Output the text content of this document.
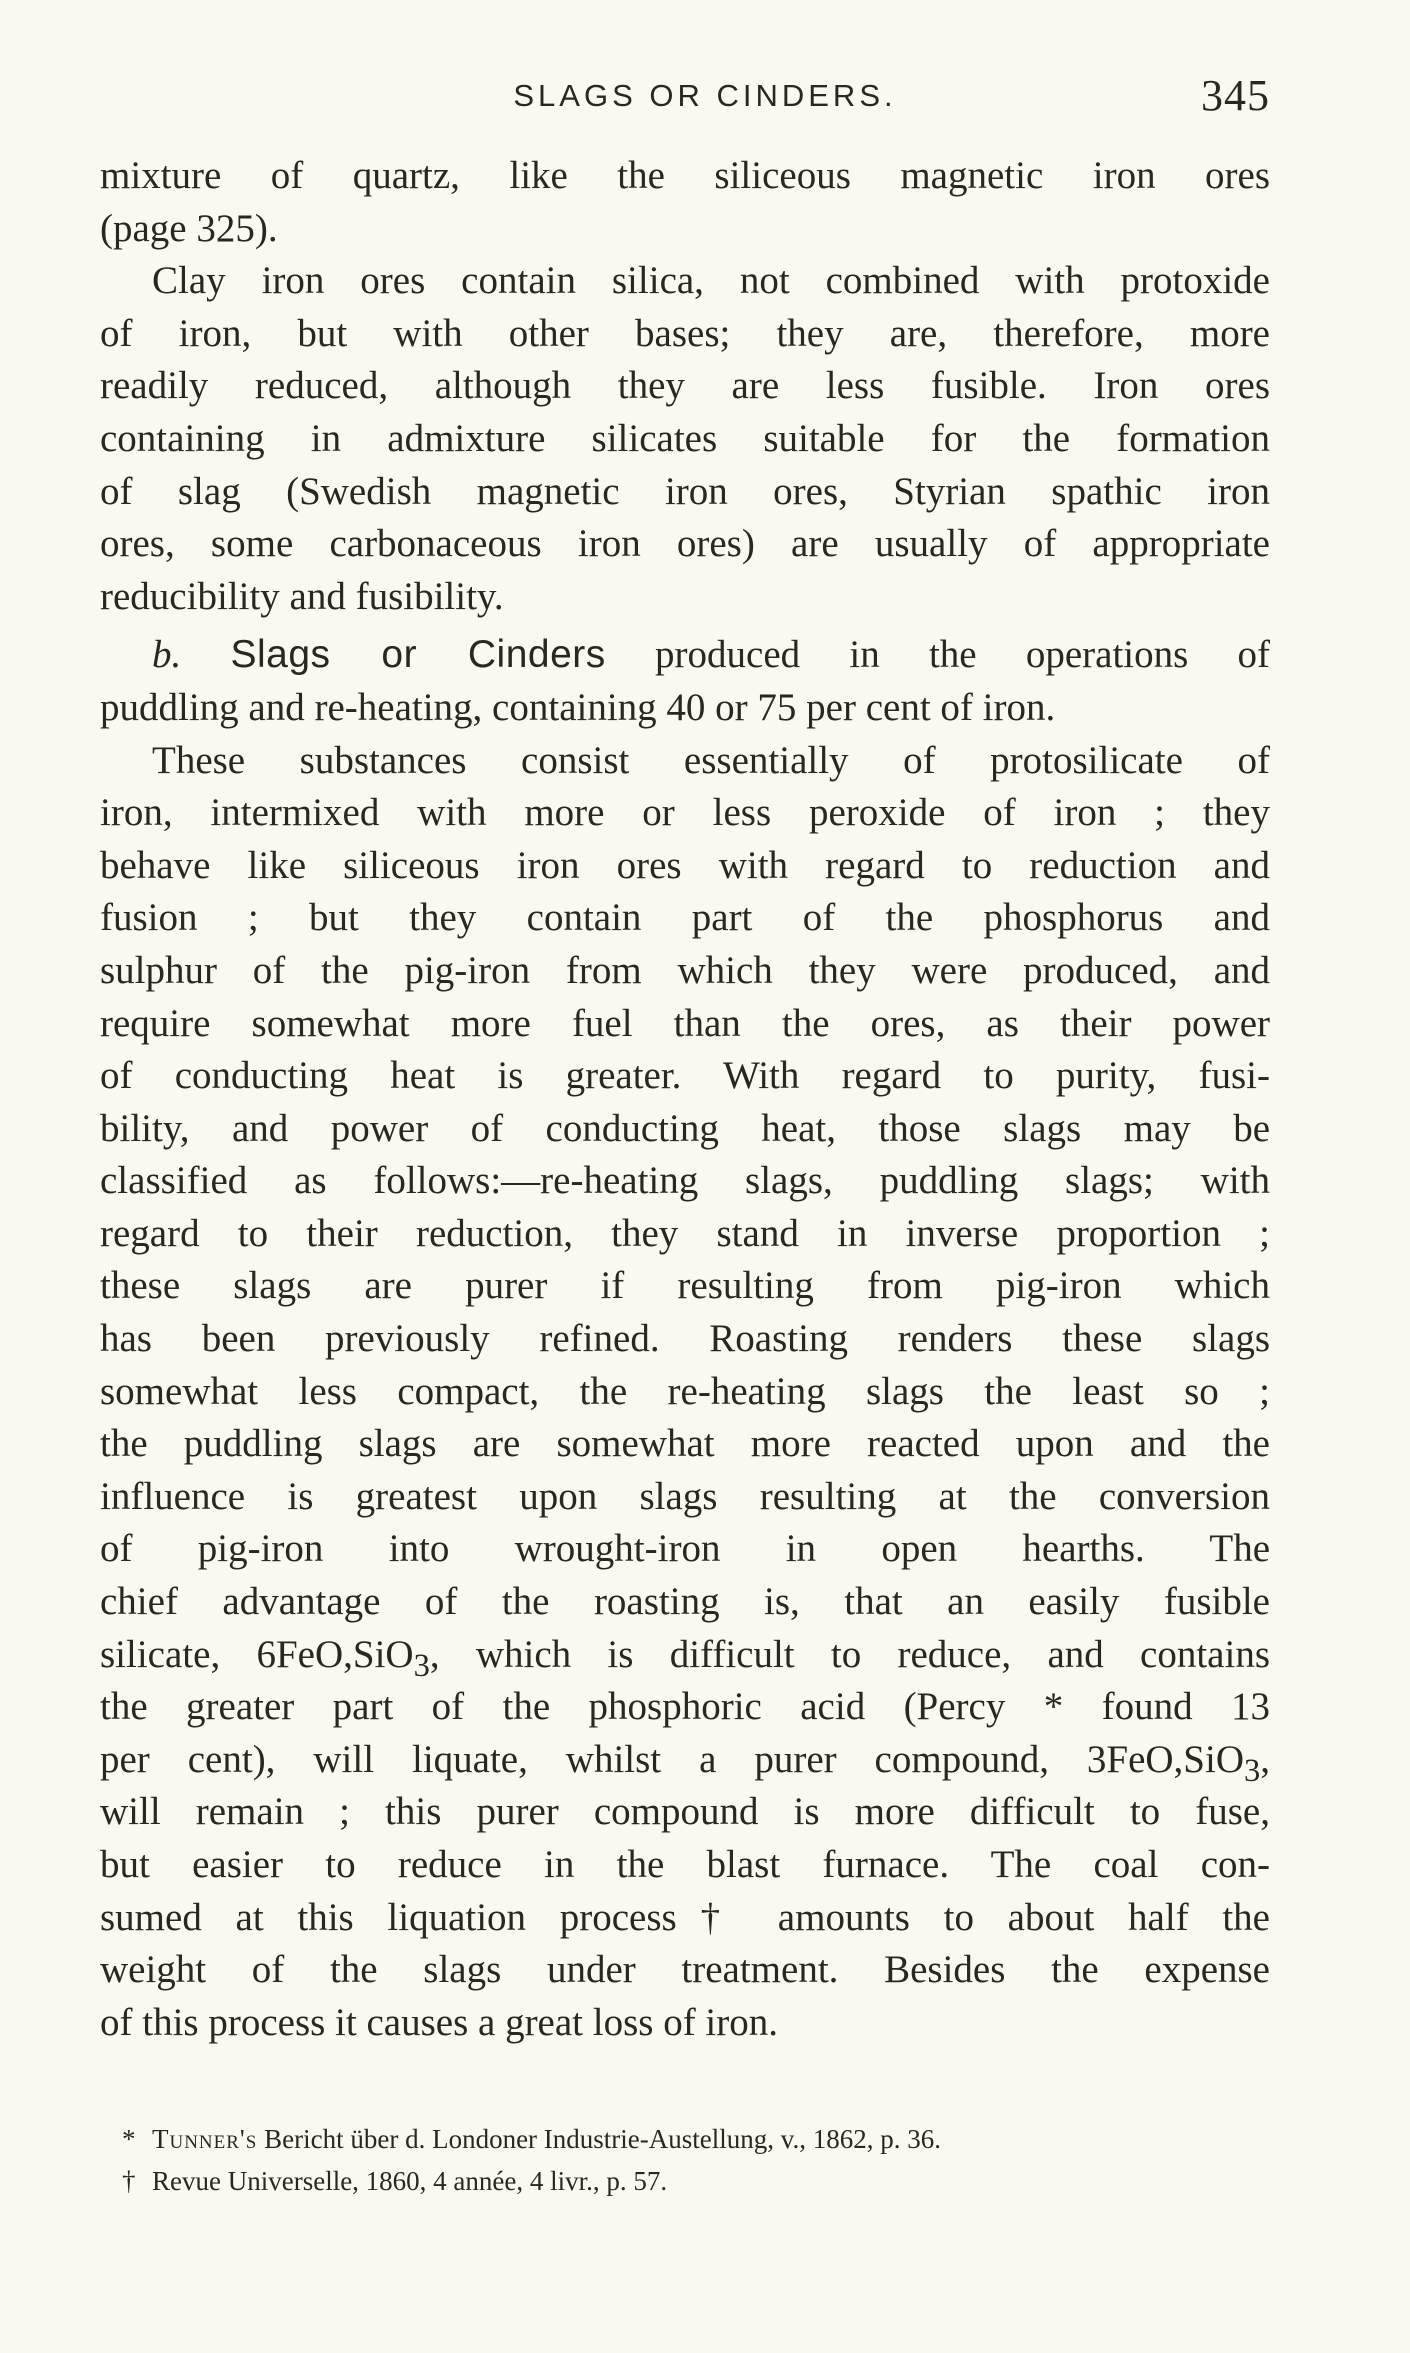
SLAGS OR CINDERS.	345
mixture of quartz, like the siliceous magnetic iron ores
(page 325).
Clay iron ores contain silica, not combined with protoxide
of iron, but with other bases; they are, therefore, more
readily reduced, although they are less fusible. Iron ores
containing in admixture silicates suitable for the formation
of slag (Swedish magnetic iron ores, Styrian spathic iron
ores, some carbonaceous iron ores) are usually of appropriate
reducibility and fusibility.
b. Slags or Cinders produced in the operations of
puddling and re-heating, containing 40 or 75 per cent of iron.
These substances consist essentially of protosilicate of
iron, intermixed with more or less peroxide of iron ; they
behave like siliceous iron ores with regard to reduction and
fusion ; but they contain part of the phosphorus and
sulphur of the pig-iron from which they were produced, and
require somewhat more fuel than the ores, as their power
of conducting heat is greater. With regard to purity, fusi-
bility, and power of conducting heat, those slags may be
classified as follows:—re-heating slags, puddling slags; with
regard to their reduction, they stand in inverse proportion ;
these slags are purer if resulting from pig-iron which
has been previously refined. Roasting renders these slags
somewhat less compact, the re-heating slags the least so ;
the puddling slags are somewhat more reacted upon and the
influence is greatest upon slags resulting at the conversion
of pig-iron into wrought-iron in open hearths. The
chief advantage of the roasting is, that an easily fusible
silicate, 6FeO,SiO$_3$, which is difficult to reduce, and contains
the greater part of the phosphoric acid (Percy * found 13
per cent), will liquate, whilst a purer compound, 3FeO,SiO$_3$,
will remain ; this purer compound is more difficult to fuse,
but easier to reduce in the blast furnace. The coal con-
sumed at this liquation process† amounts to about half the
weight of the slags under treatment. Besides the expense
of this process it causes a great loss of iron.
* Tunner's Bericht über d. Londoner Industrie-Austellung, v., 1862, p. 36.
† Revue Universelle, 1860, 4 année, 4 livr., p. 57.
